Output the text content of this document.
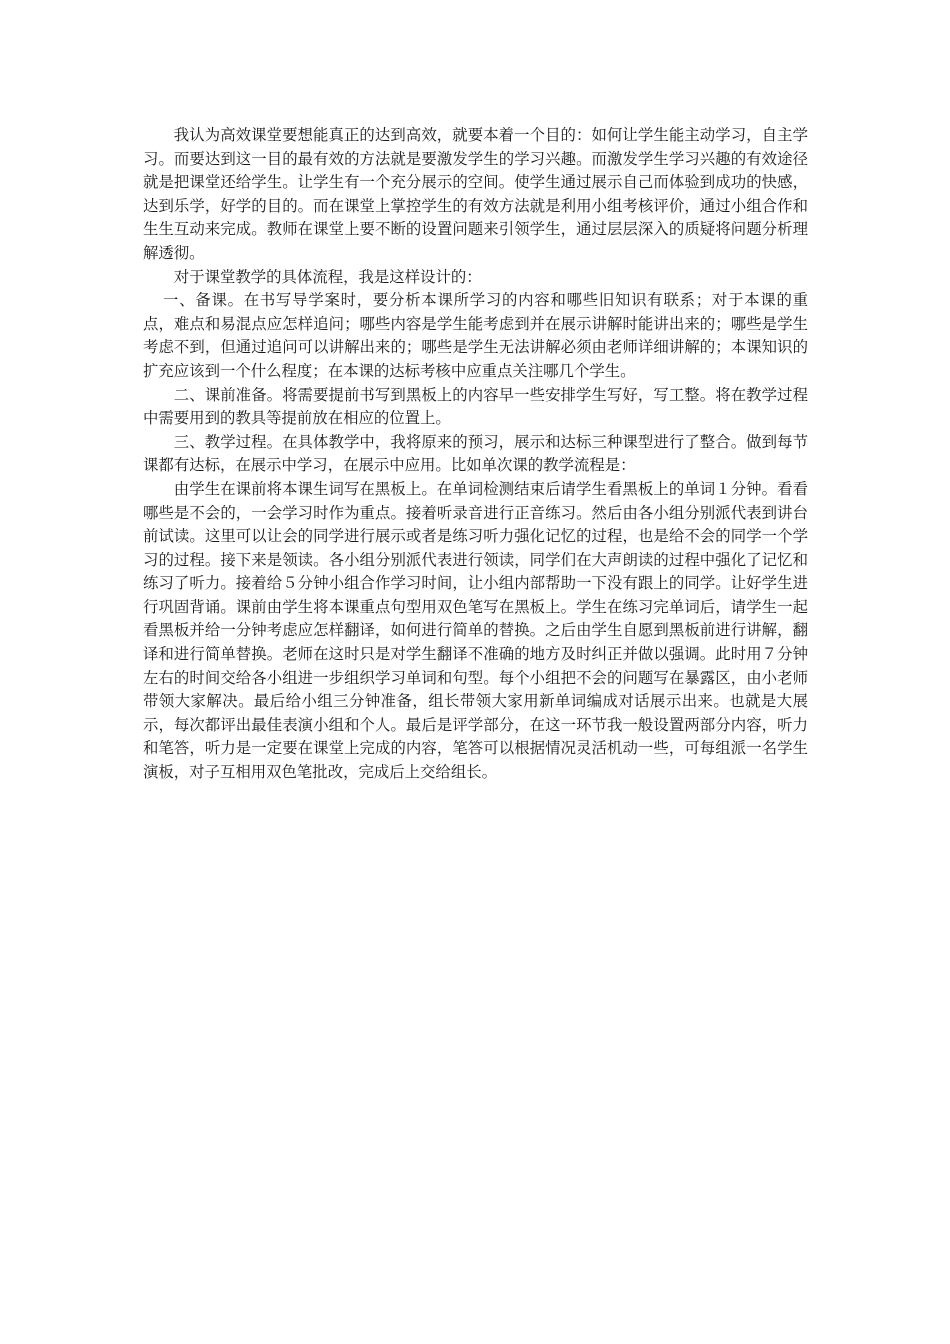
我认为高效课堂要想能真正的达到高效，就要本着一个目的：如何让学生能主动学习，自主学习。而要达到这一目的最有效的方法就是要激发学生的学习兴趣。而激发学生学习兴趣的有效途径就是把课堂还给学生。让学生有一个充分展示的空间。使学生通过展示自己而体验到成功的快感，达到乐学，好学的目的。而在课堂上掌控学生的有效方法就是利用小组考核评价，通过小组合作和生生互动来完成。教师在课堂上要不断的设置问题来引领学生，通过层层深入的质疑将问题分析理解透彻。

对于课堂教学的具体流程，我是这样设计的：

一、备课。在书写导学案时，要分析本课所学习的内容和哪些旧知识有联系；对于本课的重点，难点和易混点应怎样追问；哪些内容是学生能考虑到并在展示讲解时能讲出来的；哪些是学生考虑不到，但通过追问可以讲解出来的；哪些是学生无法讲解必须由老师详细讲解的；本课知识的扩充应该到一个什么程度；在本课的达标考核中应重点关注哪几个学生。

二、课前准备。将需要提前书写到黑板上的内容早一些安排学生写好，写工整。将在教学过程中需要用到的教具等提前放在相应的位置上。

三、教学过程。在具体教学中，我将原来的预习，展示和达标三种课型进行了整合。做到每节课都有达标，在展示中学习，在展示中应用。比如单次课的教学流程是：

由学生在课前将本课生词写在黑板上。在单词检测结束后请学生看黑板上的单词１分钟。看看哪些是不会的，一会学习时作为重点。接着听录音进行正音练习。然后由各小组分别派代表到讲台前试读。这里可以让会的同学进行展示或者是练习听力强化记忆的过程，也是给不会的同学一个学习的过程。接下来是领读。各小组分别派代表进行领读，同学们在大声朗读的过程中强化了记忆和练习了听力。接着给５分钟小组合作学习时间，让小组内部帮助一下没有跟上的同学。让好学生进行巩固背诵。课前由学生将本课重点句型用双色笔写在黑板上。学生在练习完单词后，请学生一起看黑板并给一分钟考虑应怎样翻译，如何进行简单的替换。之后由学生自愿到黑板前进行讲解，翻译和进行简单替换。老师在这时只是对学生翻译不准确的地方及时纠正并做以强调。此时用７分钟左右的时间交给各小组进一步组织学习单词和句型。每个小组把不会的问题写在暴露区，由小老师带领大家解决。最后给小组三分钟准备，组长带领大家用新单词编成对话展示出来。也就是大展示，每次都评出最佳表演小组和个人。最后是评学部分，在这一环节我一般设置两部分内容，听力和笔答，听力是一定要在课堂上完成的内容，笔答可以根据情况灵活机动一些，可每组派一名学生演板，对子互相用双色笔批改，完成后上交给组长。
